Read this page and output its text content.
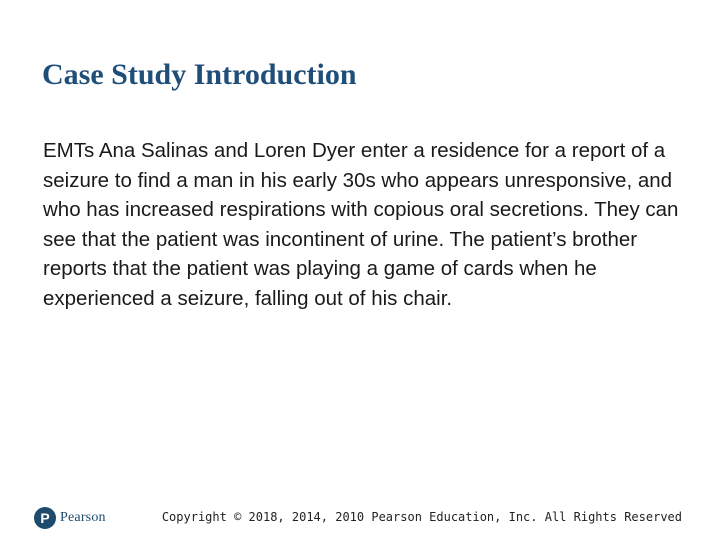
Case Study Introduction

EMTs Ana Salinas and Loren Dyer enter a residence for a report of a seizure to find a man in his early 30s who appears unresponsive, and who has increased respirations with copious oral secretions. They can see that the patient was incontinent of urine. The patient’s brother reports that the patient was playing a game of cards when he experienced a seizure, falling out of his chair.

P Pearson	Copyright © 2018, 2014, 2010 Pearson Education, Inc. All Rights Reserved
